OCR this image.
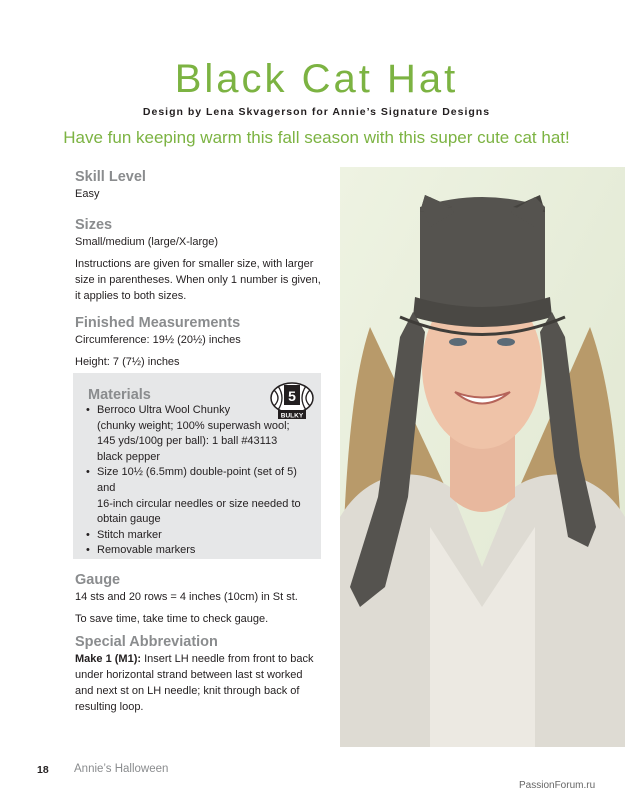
Black Cat Hat
Design by Lena Skvagerson for Annie’s Signature Designs
Have fun keeping warm this fall season with this super cute cat hat!

Skill Level

Easy

Sizes

Small/medium (large/X-large)

Instructions are given for smaller size, with larger

size in parentheses. When only 1 number is given,

it applies to both sizes.

Finished Measurements

Circumference: 19½ (20½) inches

Height: 7 (7½) inches

Materials

• Berroco Ultra Wool Chunky
(chunky weight; 100% superwash wool;
145 yds/100g per ball): 1 ball #43113
black pepper
• Size 10½ (6.5mm) double-point (set of 5) and
16-inch circular needles or size needed to
obtain gauge
• Stitch marker
• Removable markers
5
BULKY

Gauge

14 sts and 20 rows = 4 inches (10cm) in St st.

To save time, take time to check gauge.

Special Abbreviation

Make 1 (M1): Insert LH needle from front to back

under horizontal strand between last st worked

and next st on LH needle; knit through back of

resulting loop.

18 Annie’s Halloween
PassionForum.ru
